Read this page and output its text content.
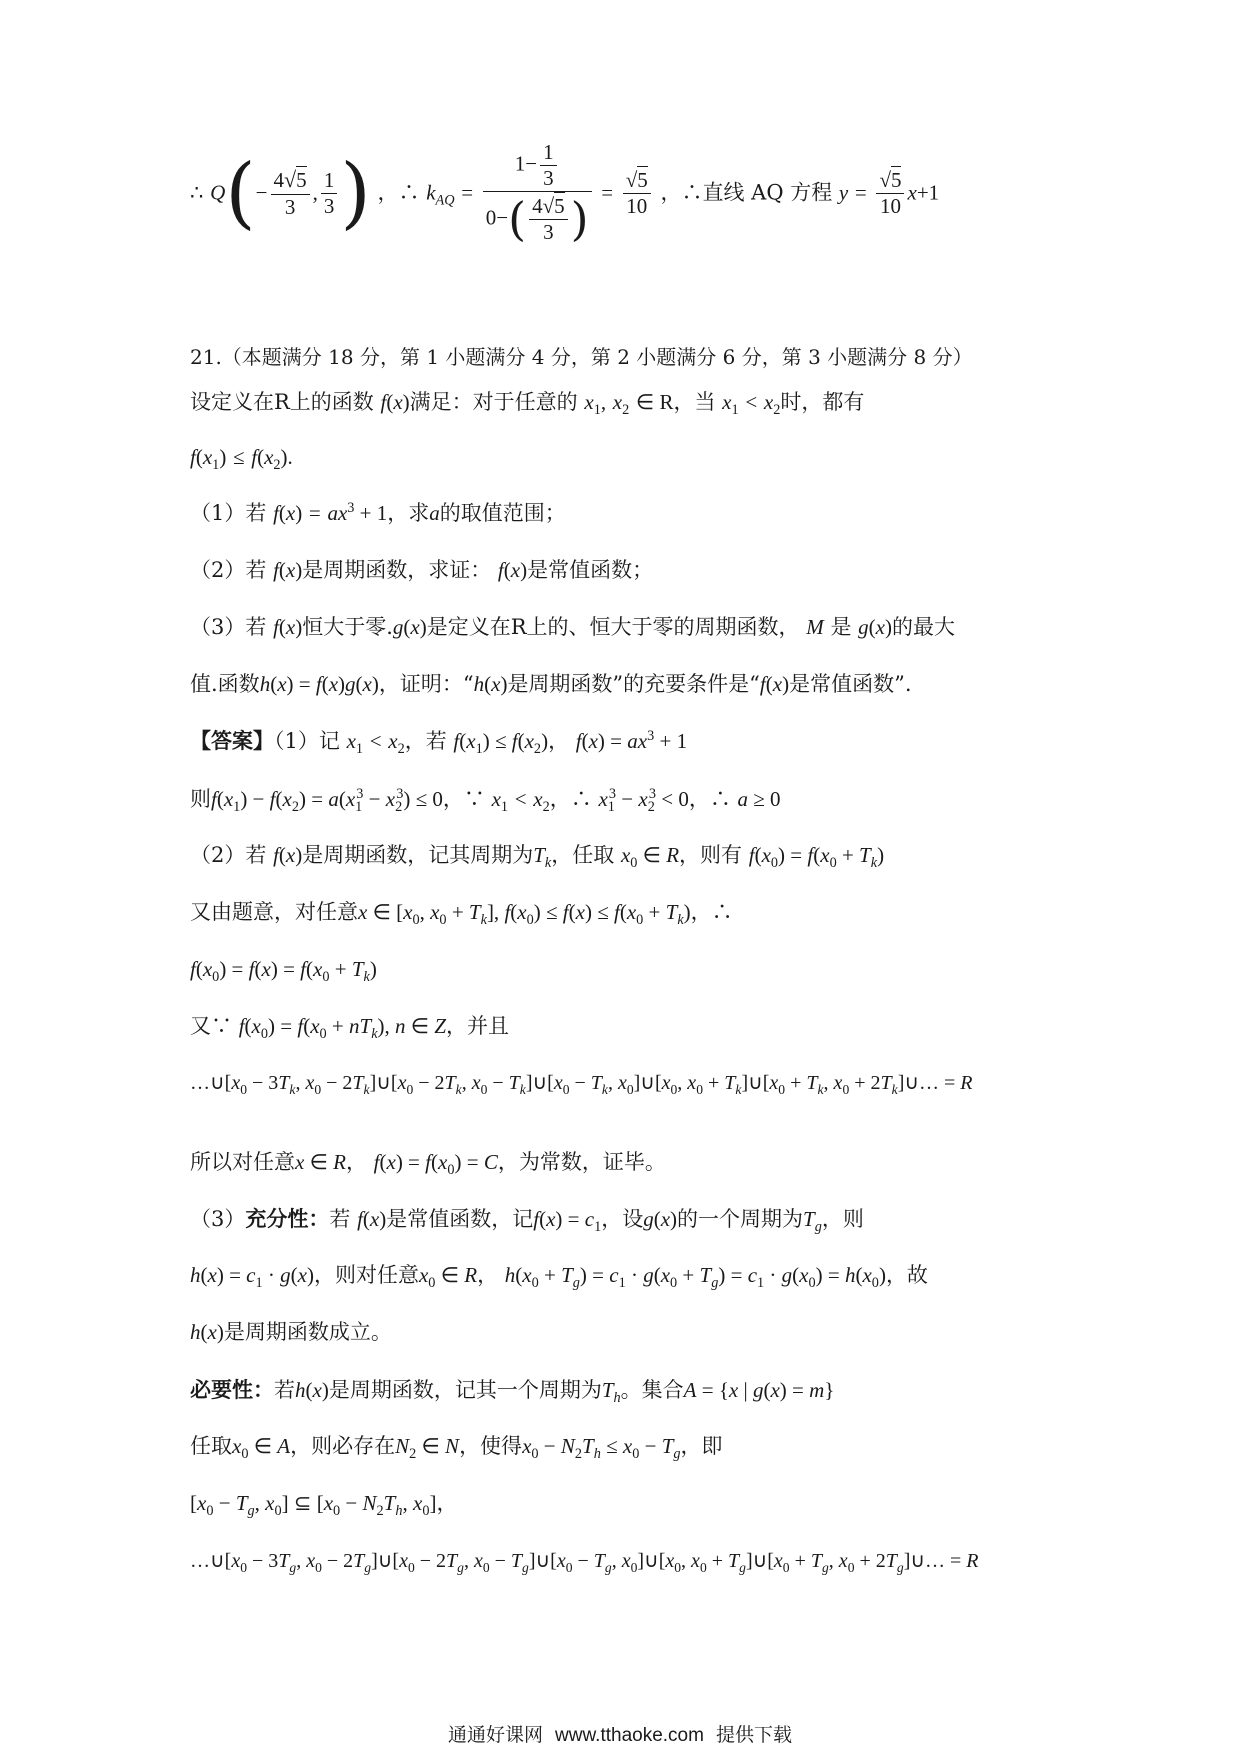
∴ $Q(- \frac{4√5}{3}$ , $\frac{1}{3}$ ) ，∴ $k_{AQ} = \frac{1- \frac{1}{3}}{0-( \frac{4√5}{3} )} = \frac{√5}{10}$ ，∴直线 AQ 方程 $y = \frac{√5}{10} x+1$
21.（本题满分 18 分，第 1 小题满分 4 分，第 2 小题满分 6 分，第 3 小题满分 8 分）
设定义在R上的函数 f(x)满足：对于任意的 $x_1$, $x_2$ ∈ R，当 $x_1 < x_2$时，都有
$f(x_1) \le f(x_2)$.
（1）若 $f(x) = ax^3 + 1$，求a的取值范围；
（2）若 f(x)是周期函数，求证： f(x)是常值函数；
（3）若 f(x)恒大于零.g(x)是定义在R上的、恒大于零的周期函数， M 是 g(x)的最大
值.函数h(x) = f(x)g(x)，证明：“h(x)是周期函数”的充要条件是“f(x)是常值函数”.
【答案】（1）记 $x_1 < x_2$，若 $f(x_1) \le f(x_2)$， $f(x) = ax^3 + 1$
则$f(x_1) - f(x_2) = a(x_1^3 - x_2^3) \le 0$，∵ $x_1 < x_2$，∴ $x_1^3 - x_2^3 < 0$，∴ a ≥ 0
（2）若 f(x)是周期函数，记其周期为$T_k$，任取 $x_0$ ∈ R，则有 $f(x_0) = f(x_0 + T_k)$
又由题意，对任意x ∈ [$x_0$, $x_0 + T_k$], $f(x_0) \le f(x) \le f(x_0 + T_k)$，∴
$f(x_0) = f(x) = f(x_0 + T_k)$
又∵ $f(x_0) = f(x_0 + nT_k)$, n ∈ Z，并且
$\dots\cup[x_0 - 3T_k$, $x_0$ − $2T_k]\cup[x_0 - 2T_k$, $x_0$ − $T_k]\cup[x_0 - T_k$, $x_0]\cup[x_0$, $x_0$ + $T_k]\cup[x_0 + T_k$, $x_0$ + $2T_k]\cup\dots = R$
所以对任意x ∈ R， $f(x) = f(x_0) = C$，为常数，证毕。
（3）充分性：若 f(x)是常值函数，记$f(x) = c_1$，设g(x)的一个周期为$T_g$，则
$h(x) = c_1 \cdot g(x)$，则对任意$x_0$ ∈ R， $h(x_0 + T_g) = c_1 \cdot g(x_0 + T_g) = c_1 \cdot g(x_0) = h(x_0)$，故
h(x)是周期函数成立。
必要性：若h(x)是周期函数，记其一个周期为$T_h$。集合A = {x | g(x) = m}
任取$x_0$ ∈ A，则必存在$N_2$ ∈ N，使得$x_0 - N_2T_h \le x_0 - T_g$，即
[$x_0 - T_g$, $x_0$] ⊆ [$x_0 - N_2T_h$, $x_0$]，
$\dots\cup[x_0 - 3T_g$, $x_0$ − $2T_g]\cup[x_0 - 2T_g$, $x_0$ − $T_g]\cup[x_0 - T_g$, $x_0]\cup[x_0$, $x_0$ + $T_g]\cup[x_0 + T_g$, $x_0$ + $2T_g]\cup\dots = R$
通通好课网 www.tthaoke.com 提供下载
